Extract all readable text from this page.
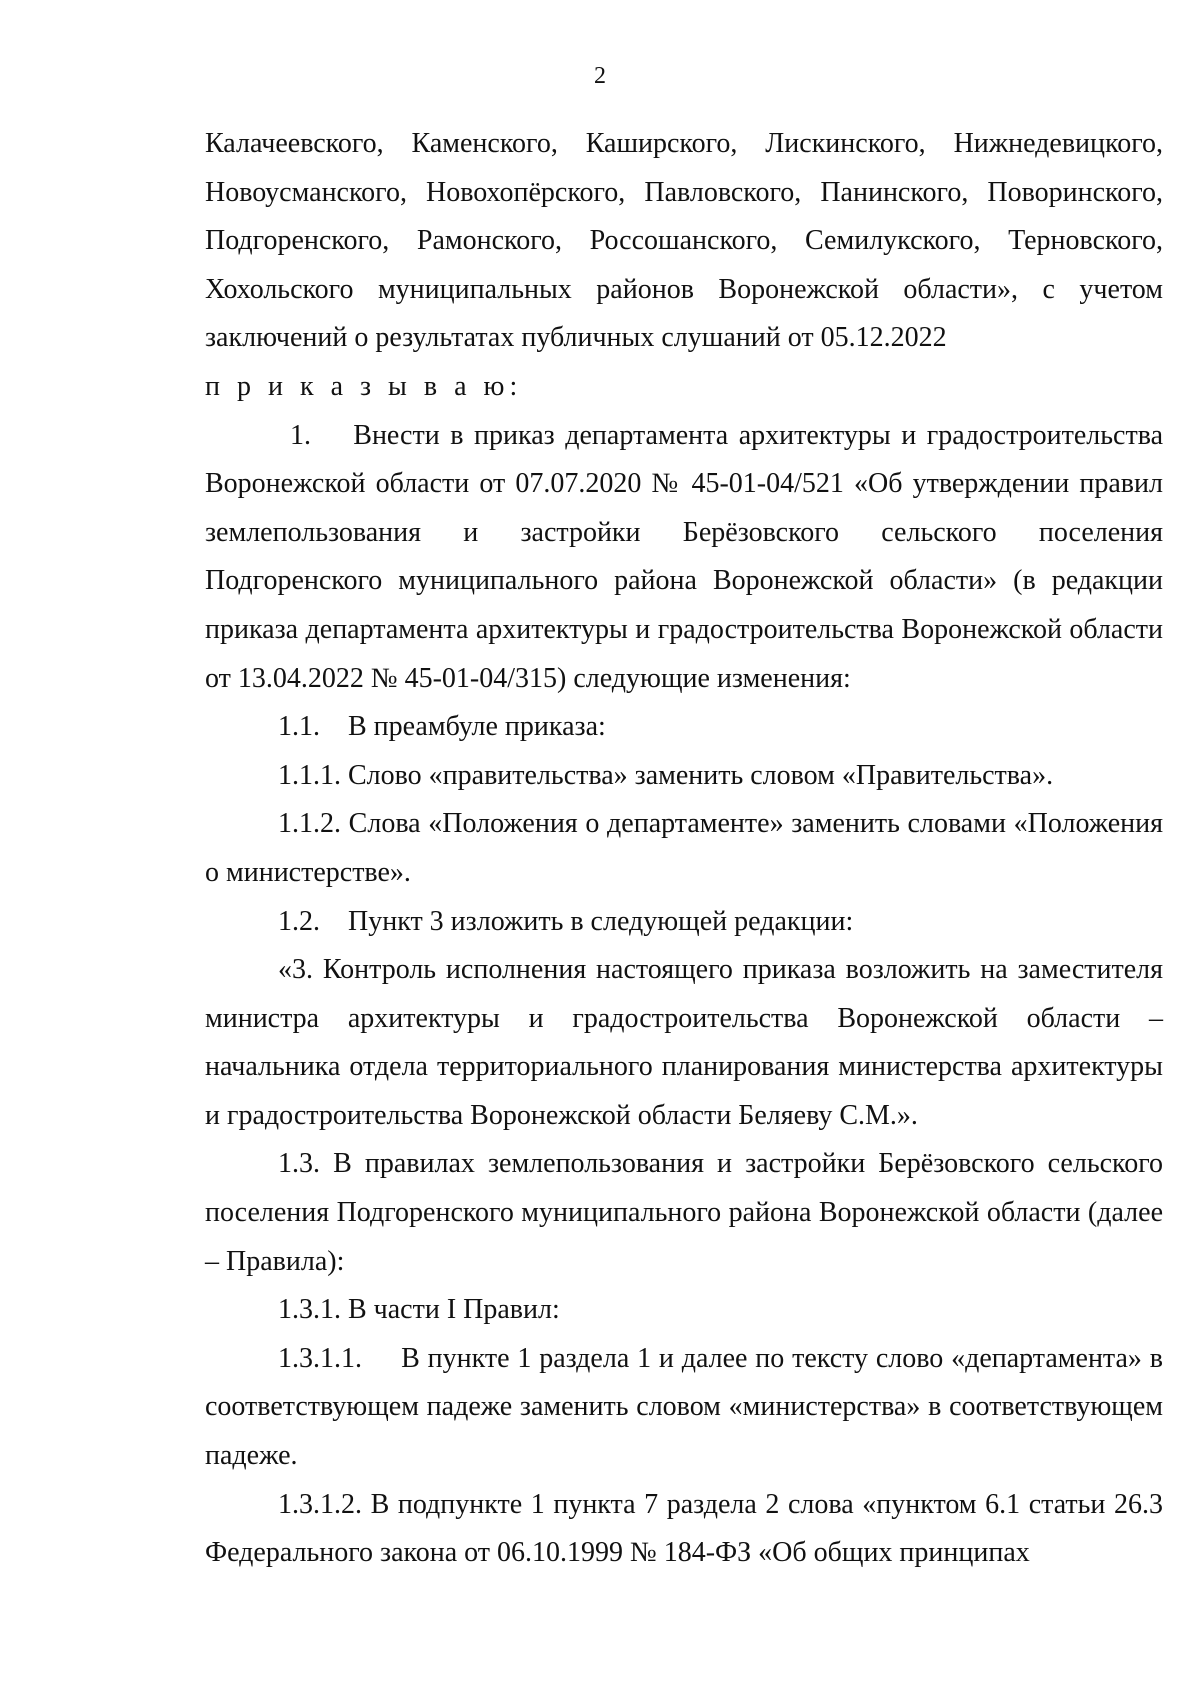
2

Калачеевского, Каменского, Каширского, Лискинского, Нижнедевицкого, Новоусманского, Новохопёрского, Павловского, Панинского, Поворинского, Подгоренского, Рамонского, Россошанского, Семилукского, Терновского, Хохольского муниципальных районов Воронежской области», с учетом заключений о результатах публичных слушаний от 05.12.2022

п р и к а з ы в а ю:

1.    Внести в приказ департамента архитектуры и градостроительства Воронежской области от 07.07.2020 № 45-01-04/521 «Об утверждении правил землепользования и застройки Берёзовского сельского поселения Подгоренского муниципального района Воронежской области» (в редакции приказа департамента архитектуры и градостроительства Воронежской области от 13.04.2022 № 45-01-04/315) следующие изменения:

1.1.    В преамбуле приказа:

1.1.1. Слово «правительства» заменить словом «Правительства».

1.1.2. Слова «Положения о департаменте» заменить словами «Положения о министерстве».

1.2.    Пункт 3 изложить в следующей редакции:

«3. Контроль исполнения настоящего приказа возложить на заместителя министра архитектуры и градостроительства Воронежской области – начальника отдела территориального планирования министерства архитектуры и градостроительства Воронежской области Беляеву С.М.».

1.3. В правилах землепользования и застройки Берёзовского сельского поселения Подгоренского муниципального района Воронежской области (далее – Правила):

1.3.1. В части I Правил:

1.3.1.1.     В пункте 1 раздела 1 и далее по тексту слово «департамента» в соответствующем падеже заменить словом «министерства» в соответствующем падеже.

1.3.1.2. В подпункте 1 пункта 7 раздела 2 слова «пунктом 6.1 статьи 26.3 Федерального закона от 06.10.1999 № 184-ФЗ «Об общих принципах
